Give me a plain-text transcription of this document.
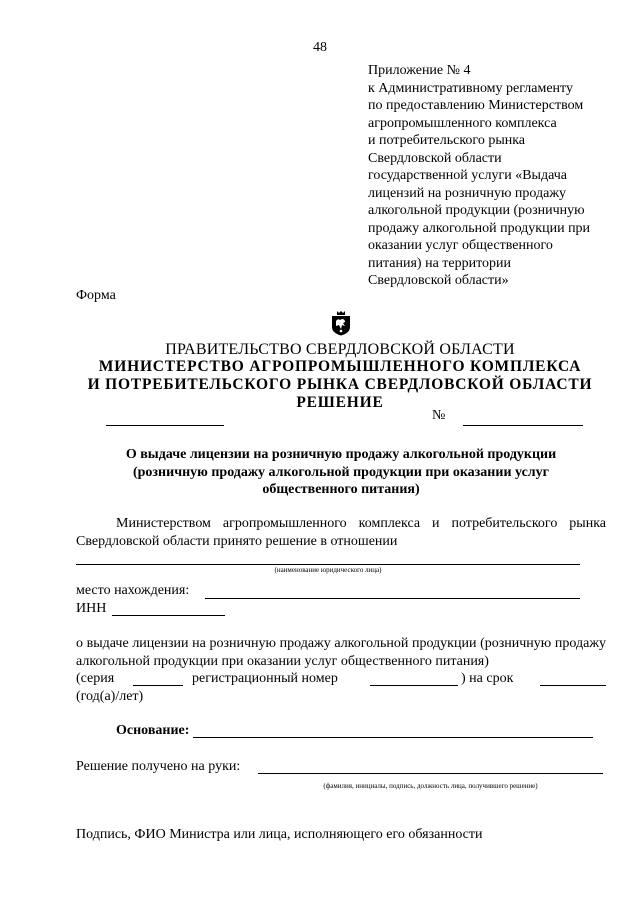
48
Приложение № 4
к Административному регламенту
по предоставлению Министерством
агропромышленного комплекса
и потребительского рынка
Свердловской области
государственной услуги «Выдача
лицензий на розничную продажу
алкогольной продукции (розничную
продажу алкогольной продукции при
оказании услуг общественного
питания) на территории
Свердловской области»
Форма
ПРАВИТЕЛЬСТВО СВЕРДЛОВСКОЙ ОБЛАСТИ
МИНИСТЕРСТВО АГРОПРОМЫШЛЕННОГО КОМПЛЕКСА
И ПОТРЕБИТЕЛЬСКОГО РЫНКА СВЕРДЛОВСКОЙ ОБЛАСТИ
РЕШЕНИЕ
№
О выдаче лицензии на розничную продажу алкогольной продукции
(розничную продажу алкогольной продукции при оказании услуг
общественного питания)
Министерством агропромышленного комплекса и потребительского рынка Свердловской области принято решение в отношении
(наименование юридического лица)
место нахождения:
ИНН
о выдаче лицензии на розничную продажу алкогольной продукции (розничную продажу алкогольной продукции при оказании услуг общественного питания)
(серия	регистрационный номер	) на срок
(год(а)/лет)
Основание:
Решение получено на руки:
(фамилия, инициалы, подпись, должность лица, получившего решение)
Подпись, ФИО Министра или лица, исполняющего его обязанности
